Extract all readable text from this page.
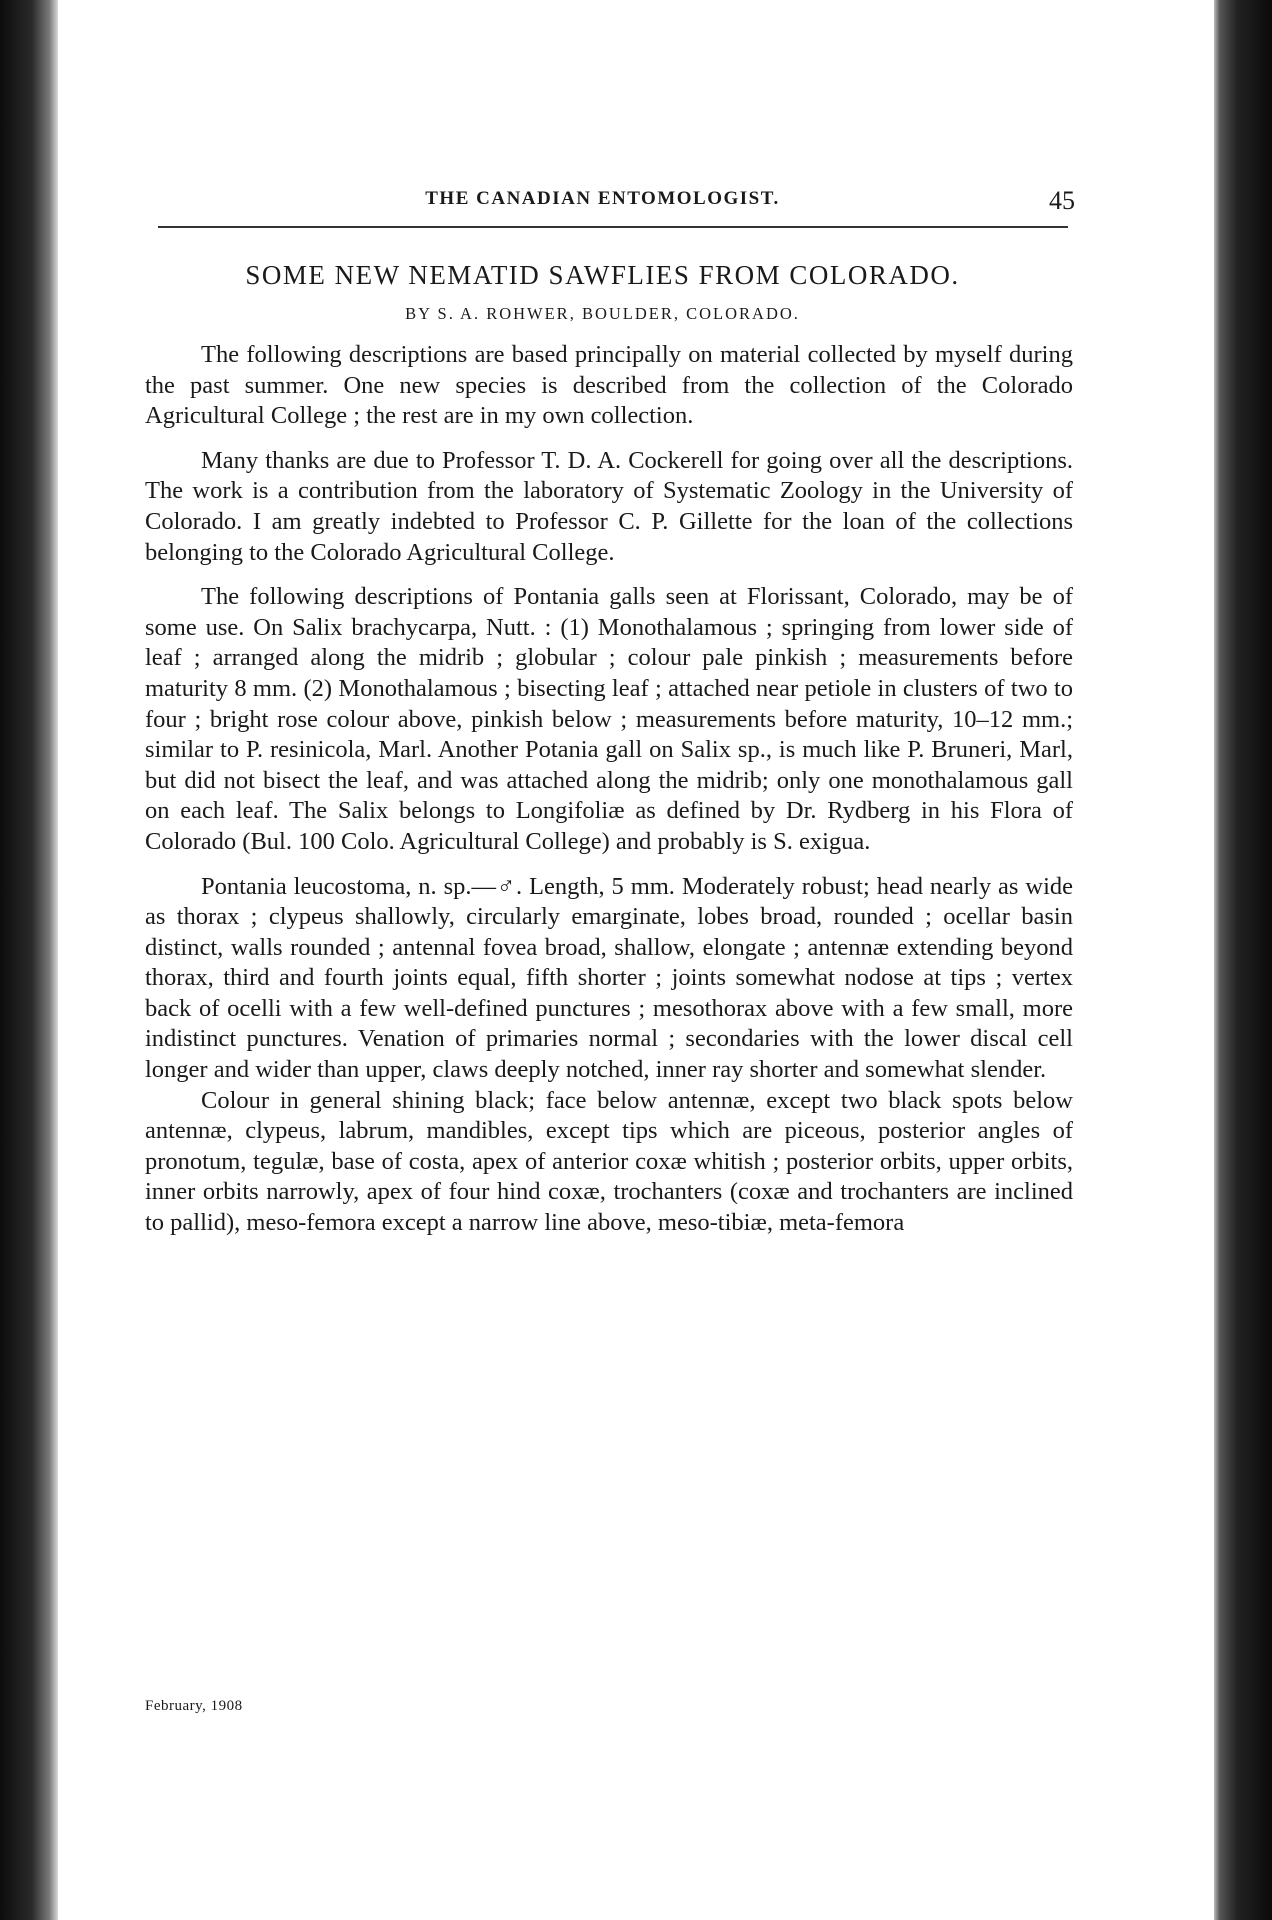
THE CANADIAN ENTOMOLOGIST.	45
SOME NEW NEMATID SAWFLIES FROM COLORADO.
BY S. A. ROHWER, BOULDER, COLORADO.

The following descriptions are based principally on material collected by myself during the past summer. One new species is described from the collection of the Colorado Agricultural College ; the rest are in my own collection.

Many thanks are due to Professor T. D. A. Cockerell for going over all the descriptions. The work is a contribution from the laboratory of Systematic Zoology in the University of Colorado. I am greatly indebted to Professor C. P. Gillette for the loan of the collections belonging to the Colorado Agricultural College.

The following descriptions of Pontania galls seen at Florissant, Colorado, may be of some use. On Salix brachycarpa, Nutt. : (1) Monothalamous ; springing from lower side of leaf ; arranged along the midrib ; globular ; colour pale pinkish ; measurements before maturity 8 mm. (2) Monothalamous ; bisecting leaf ; attached near petiole in clusters of two to four ; bright rose colour above, pinkish below ; measurements before maturity, 10–12 mm.; similar to P. resinicola, Marl. Another Potania gall on Salix sp., is much like P. Bruneri, Marl, but did not bisect the leaf, and was attached along the midrib; only one monothalamous gall on each leaf. The Salix belongs to Longifoliæ as defined by Dr. Rydberg in his Flora of Colorado (Bul. 100 Colo. Agricultural College) and probably is S. exigua.

Pontania leucostoma, n. sp.—♂. Length, 5 mm. Moderately robust; head nearly as wide as thorax ; clypeus shallowly, circularly emarginate, lobes broad, rounded ; ocellar basin distinct, walls rounded ; antennal fovea broad, shallow, elongate ; antennæ extending beyond thorax, third and fourth joints equal, fifth shorter ; joints somewhat nodose at tips ; vertex back of ocelli with a few well-defined punctures ; mesothorax above with a few small, more indistinct punctures. Venation of primaries normal ; secondaries with the lower discal cell longer and wider than upper, claws deeply notched, inner ray shorter and somewhat slender.

Colour in general shining black; face below antennæ, except two black spots below antennæ, clypeus, labrum, mandibles, except tips which are piceous, posterior angles of pronotum, tegulæ, base of costa, apex of anterior coxæ whitish ; posterior orbits, upper orbits, inner orbits narrowly, apex of four hind coxæ, trochanters (coxæ and trochanters are inclined to pallid), meso-femora except a narrow line above, meso-tibiæ, meta-femora

February, 1908
